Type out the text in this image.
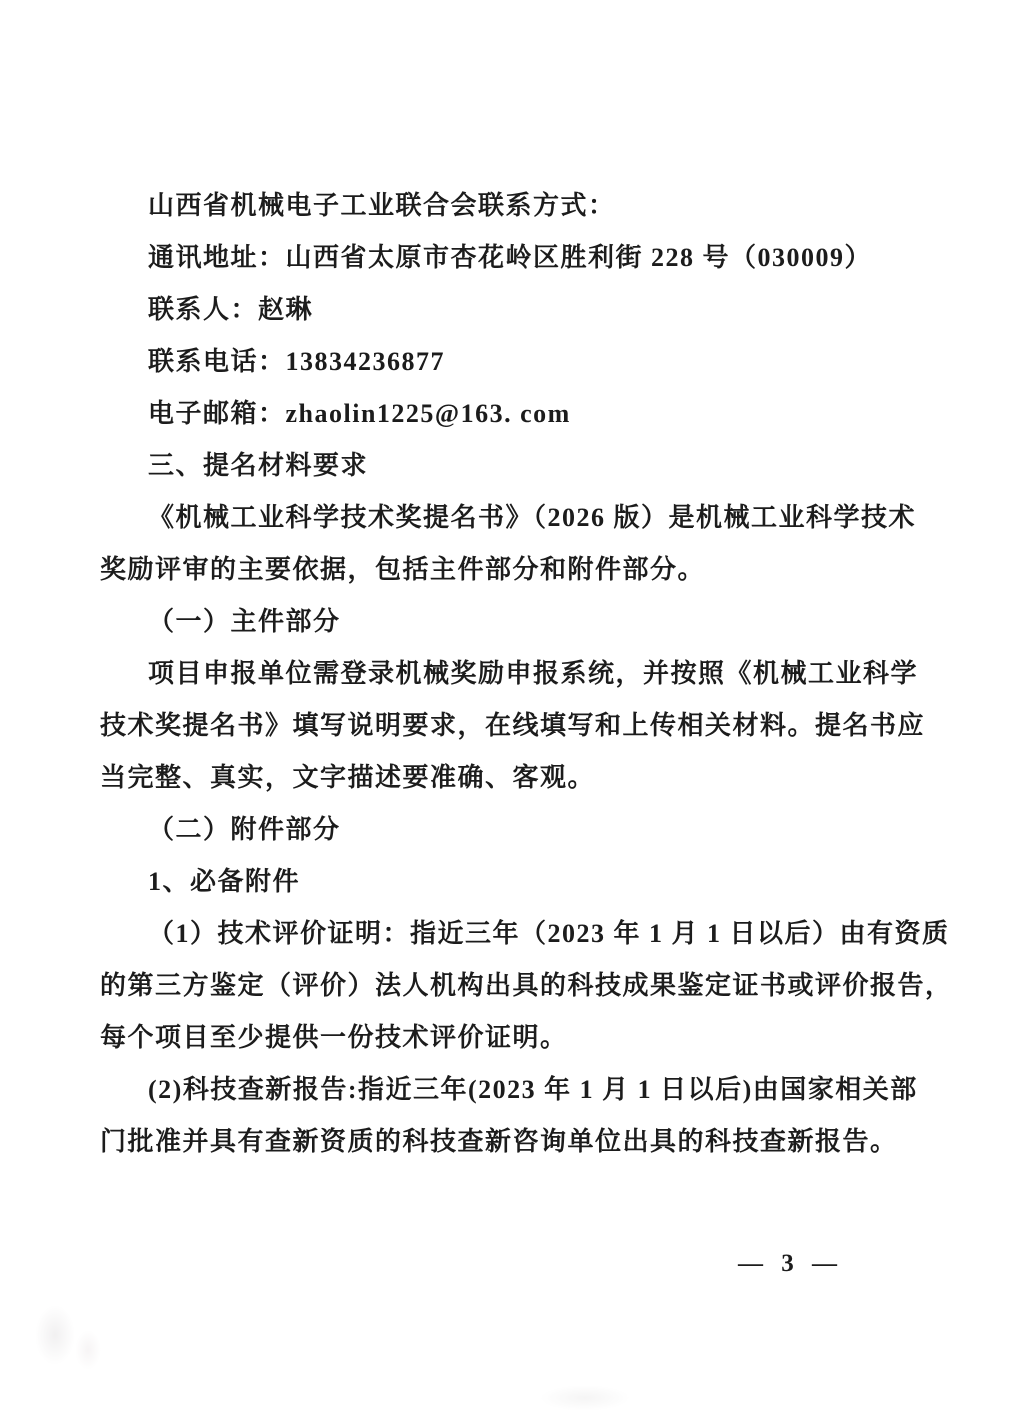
山西省机械电子工业联合会联系方式：
通讯地址：山西省太原市杏花岭区胜利街 228 号（030009）
联系人：赵琳
联系电话：13834236877
电子邮箱：zhaolin1225@163. com
三、提名材料要求
《机械工业科学技术奖提名书》（2026 版）是机械工业科学技术
奖励评审的主要依据，包括主件部分和附件部分。
（一）主件部分
项目申报单位需登录机械奖励申报系统，并按照《机械工业科学
技术奖提名书》填写说明要求，在线填写和上传相关材料。提名书应
当完整、真实，文字描述要准确、客观。
（二）附件部分
1、必备附件
（1）技术评价证明：指近三年（2023 年 1 月 1 日以后）由有资质
的第三方鉴定（评价）法人机构出具的科技成果鉴定证书或评价报告，
每个项目至少提供一份技术评价证明。
(2)科技查新报告:指近三年(2023 年 1 月 1 日以后)由国家相关部
门批准并具有查新资质的科技查新咨询单位出具的科技查新报告。
— 3 —
